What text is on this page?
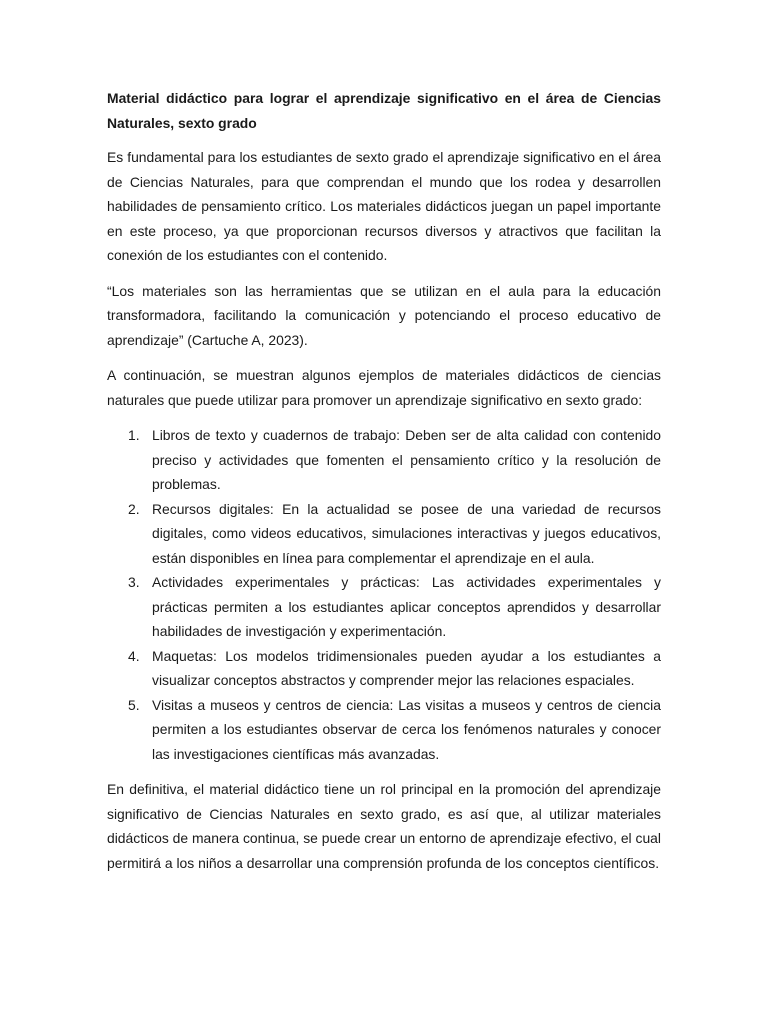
Material didáctico para lograr el aprendizaje significativo en el área de Ciencias Naturales, sexto grado

Es fundamental para los estudiantes de sexto grado el aprendizaje significativo en el área de Ciencias Naturales, para que comprendan el mundo que los rodea y desarrollen habilidades de pensamiento crítico. Los materiales didácticos juegan un papel importante en este proceso, ya que proporcionan recursos diversos y atractivos que facilitan la conexión de los estudiantes con el contenido.

“Los materiales son las herramientas que se utilizan en el aula para la educación transformadora, facilitando la comunicación y potenciando el proceso educativo de aprendizaje” (Cartuche A, 2023).

A continuación, se muestran algunos ejemplos de materiales didácticos de ciencias naturales que puede utilizar para promover un aprendizaje significativo en sexto grado:

1. Libros de texto y cuadernos de trabajo: Deben ser de alta calidad con contenido preciso y actividades que fomenten el pensamiento crítico y la resolución de problemas.
2. Recursos digitales: En la actualidad se posee de una variedad de recursos digitales, como videos educativos, simulaciones interactivas y juegos educativos, están disponibles en línea para complementar el aprendizaje en el aula.
3. Actividades experimentales y prácticas: Las actividades experimentales y prácticas permiten a los estudiantes aplicar conceptos aprendidos y desarrollar habilidades de investigación y experimentación.
4. Maquetas: Los modelos tridimensionales pueden ayudar a los estudiantes a visualizar conceptos abstractos y comprender mejor las relaciones espaciales.
5. Visitas a museos y centros de ciencia: Las visitas a museos y centros de ciencia permiten a los estudiantes observar de cerca los fenómenos naturales y conocer las investigaciones científicas más avanzadas.

En definitiva, el material didáctico tiene un rol principal en la promoción del aprendizaje significativo de Ciencias Naturales en sexto grado, es así que, al utilizar materiales didácticos de manera continua, se puede crear un entorno de aprendizaje efectivo, el cual permitirá a los niños a desarrollar una comprensión profunda de los conceptos científicos.
